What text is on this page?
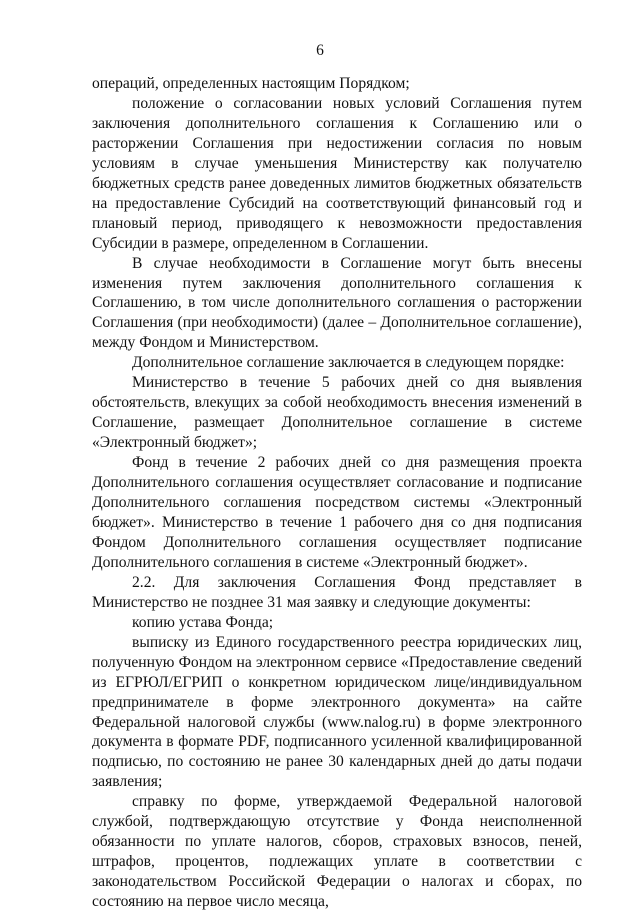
6

операций, определенных настоящим Порядком;

положение о согласовании новых условий Соглашения путем заключения дополнительного соглашения к Соглашению или о расторжении Соглашения при недостижении согласия по новым условиям в случае уменьшения Министерству как получателю бюджетных средств ранее доведенных лимитов бюджетных обязательств на предоставление Субсидий на соответствующий финансовый год и плановый период, приводящего к невозможности предоставления Субсидии в размере, определенном в Соглашении.

В случае необходимости в Соглашение могут быть внесены изменения путем заключения дополнительного соглашения к Соглашению, в том числе дополнительного соглашения о расторжении Соглашения (при необходимости) (далее – Дополнительное соглашение), между Фондом и Министерством.

Дополнительное соглашение заключается в следующем порядке:

Министерство в течение 5 рабочих дней со дня выявления обстоятельств, влекущих за собой необходимость внесения изменений в Соглашение, размещает Дополнительное соглашение в системе «Электронный бюджет»;

Фонд в течение 2 рабочих дней со дня размещения проекта Дополнительного соглашения осуществляет согласование и подписание Дополнительного соглашения посредством системы «Электронный бюджет». Министерство в течение 1 рабочего дня со дня подписания Фондом Дополнительного соглашения осуществляет подписание Дополнительного соглашения в системе «Электронный бюджет».

2.2. Для заключения Соглашения Фонд представляет в Министерство не позднее 31 мая заявку и следующие документы:

копию устава Фонда;

выписку из Единого государственного реестра юридических лиц, полученную Фондом на электронном сервисе «Предоставление сведений из ЕГРЮЛ/ЕГРИП о конкретном юридическом лице/индивидуальном предпринимателе в форме электронного документа» на сайте Федеральной налоговой службы (www.nalog.ru) в форме электронного документа в формате PDF, подписанного усиленной квалифицированной подписью, по состоянию не ранее 30 календарных дней до даты подачи заявления;

справку по форме, утверждаемой Федеральной налоговой службой, подтверждающую отсутствие у Фонда неисполненной обязанности по уплате налогов, сборов, страховых взносов, пеней, штрафов, процентов, подлежащих уплате в соответствии с законодательством Российской Федерации о налогах и сборах, по состоянию на первое число месяца,
